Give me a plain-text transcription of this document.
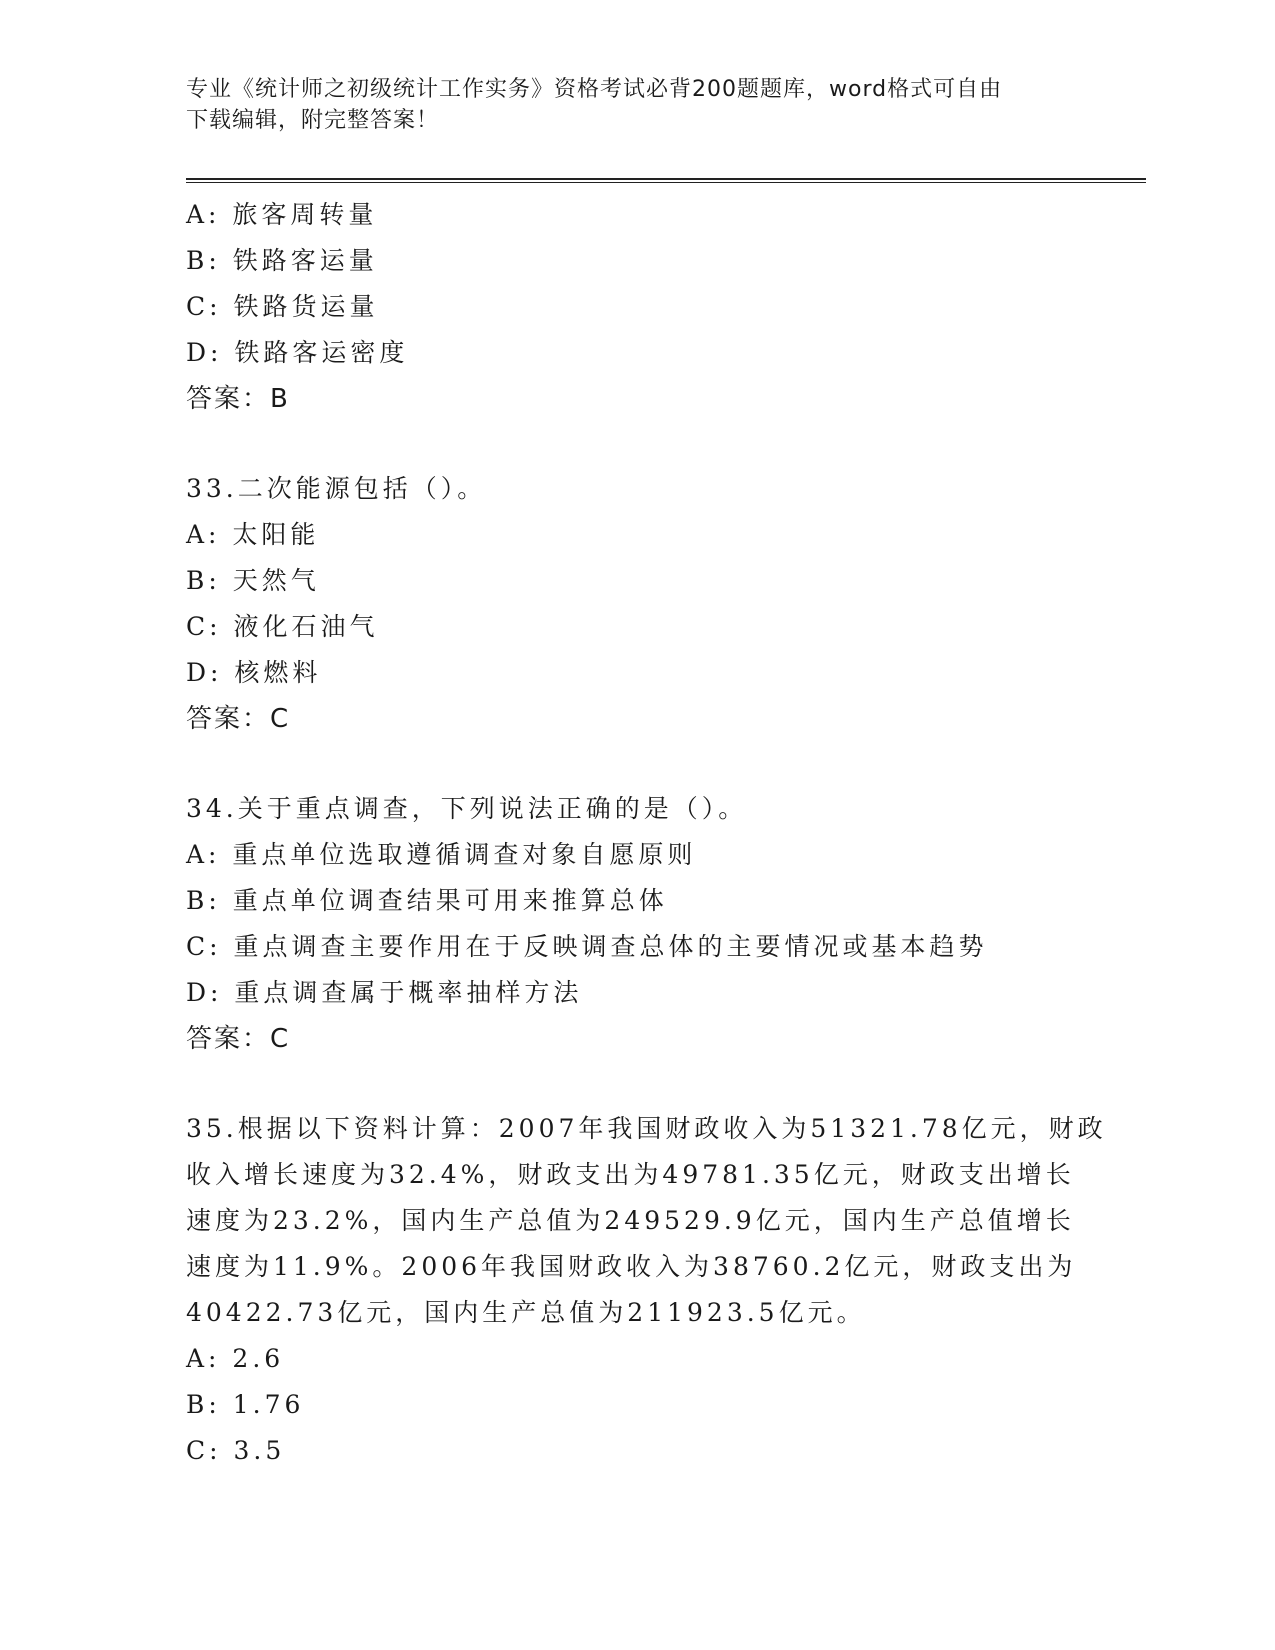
专业《统计师之初级统计工作实务》资格考试必背200题题库，word格式可自由
下载编辑，附完整答案！
A: 旅客周转量
B: 铁路客运量
C: 铁路货运量
D: 铁路客运密度
答案：B
33.二次能源包括（）。
A: 太阳能
B: 天然气
C: 液化石油气
D: 核燃料
答案：C
34.关于重点调查，下列说法正确的是（）。
A: 重点单位选取遵循调查对象自愿原则
B: 重点单位调查结果可用来推算总体
C: 重点调查主要作用在于反映调查总体的主要情况或基本趋势
D: 重点调查属于概率抽样方法
答案：C
35.根据以下资料计算：2007年我国财政收入为51321.78亿元，财政
收入增长速度为32.4%，财政支出为49781.35亿元，财政支出增长
速度为23.2%，国内生产总值为249529.9亿元，国内生产总值增长
速度为11.9%。2006年我国财政收入为38760.2亿元，财政支出为
40422.73亿元，国内生产总值为211923.5亿元。
A: 2.6
B: 1.76
C: 3.5
